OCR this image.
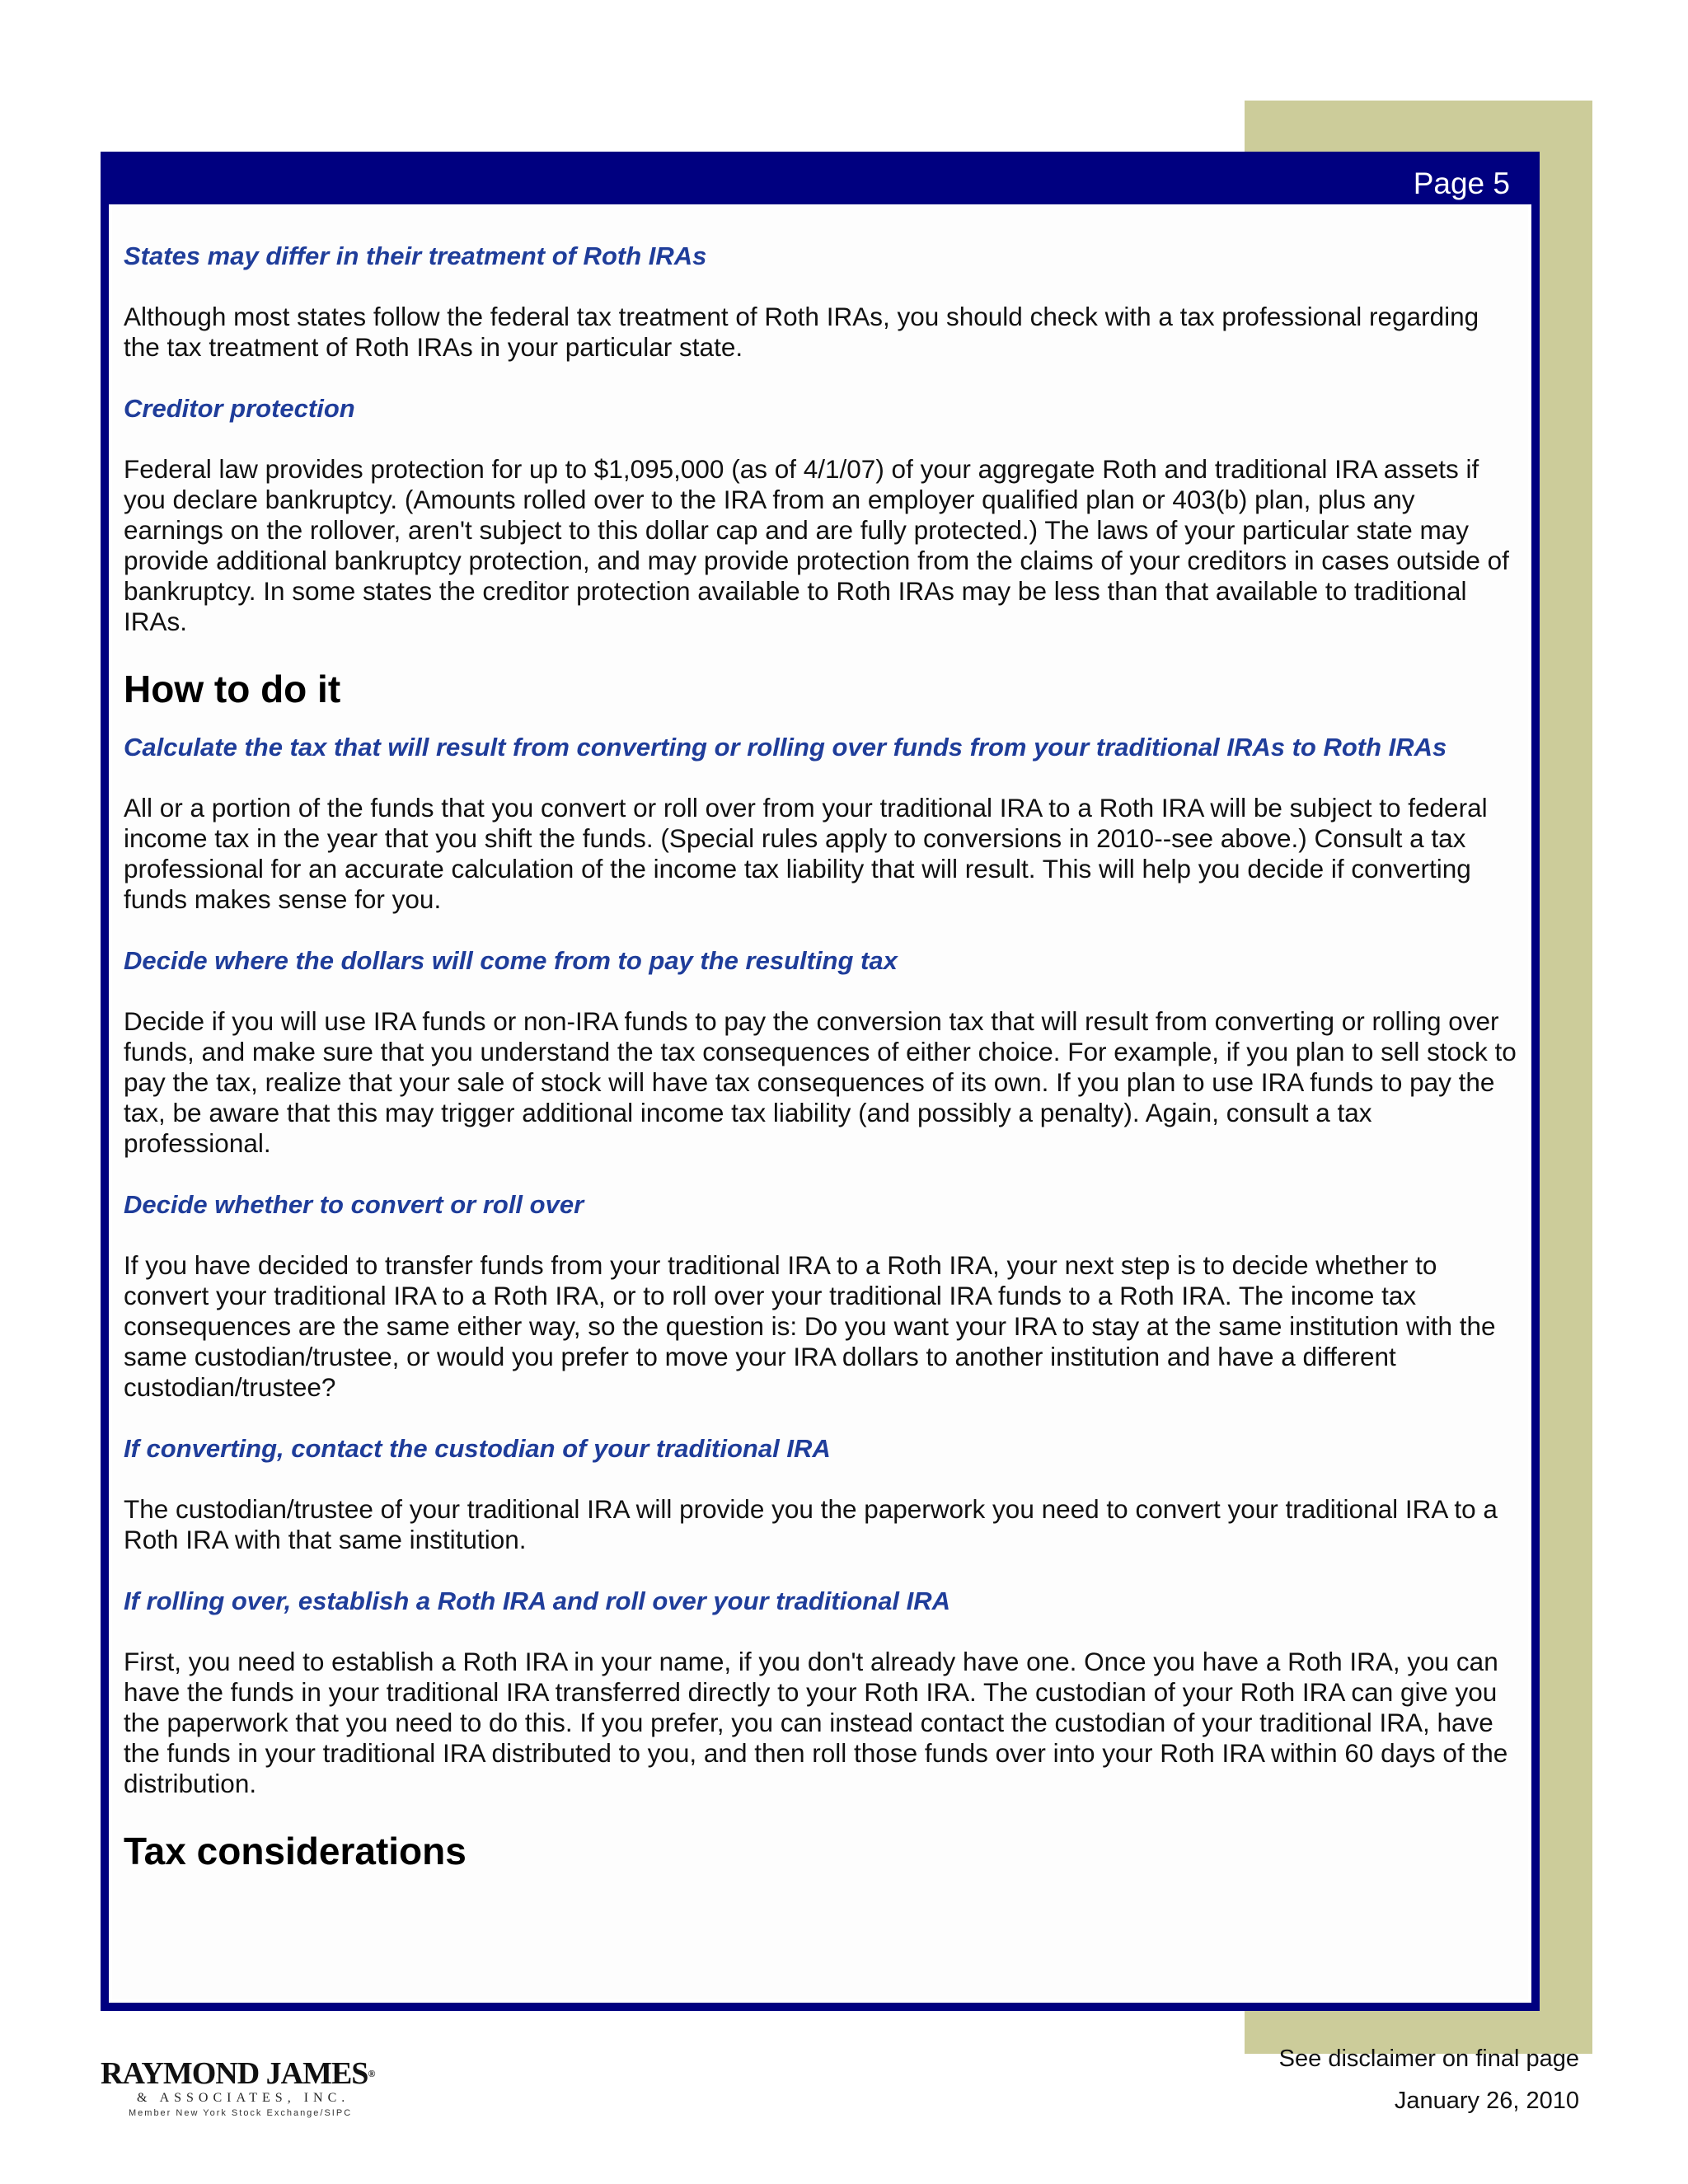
Page 5

States may differ in their treatment of Roth IRAs

Although most states follow the federal tax treatment of Roth IRAs, you should check with a tax professional regarding the tax treatment of Roth IRAs in your particular state.

Creditor protection

Federal law provides protection for up to $1,095,000 (as of 4/1/07) of your aggregate Roth and traditional IRA assets if you declare bankruptcy. (Amounts rolled over to the IRA from an employer qualified plan or 403(b) plan, plus any earnings on the rollover, aren't subject to this dollar cap and are fully protected.) The laws of your particular state may provide additional bankruptcy protection, and may provide protection from the claims of your creditors in cases outside of bankruptcy. In some states the creditor protection available to Roth IRAs may be less than that available to traditional IRAs.

How to do it

Calculate the tax that will result from converting or rolling over funds from your traditional IRAs to Roth IRAs

All or a portion of the funds that you convert or roll over from your traditional IRA to a Roth IRA will be subject to federal income tax in the year that you shift the funds. (Special rules apply to conversions in 2010--see above.) Consult a tax professional for an accurate calculation of the income tax liability that will result. This will help you decide if converting funds makes sense for you.

Decide where the dollars will come from to pay the resulting tax

Decide if you will use IRA funds or non-IRA funds to pay the conversion tax that will result from converting or rolling over funds, and make sure that you understand the tax consequences of either choice. For example, if you plan to sell stock to pay the tax, realize that your sale of stock will have tax consequences of its own. If you plan to use IRA funds to pay the tax, be aware that this may trigger additional income tax liability (and possibly a penalty). Again, consult a tax professional.

Decide whether to convert or roll over

If you have decided to transfer funds from your traditional IRA to a Roth IRA, your next step is to decide whether to convert your traditional IRA to a Roth IRA, or to roll over your traditional IRA funds to a Roth IRA. The income tax consequences are the same either way, so the question is: Do you want your IRA to stay at the same institution with the same custodian/trustee, or would you prefer to move your IRA dollars to another institution and have a different custodian/trustee?

If converting, contact the custodian of your traditional IRA

The custodian/trustee of your traditional IRA will provide you the paperwork you need to convert your traditional IRA to a Roth IRA with that same institution.

If rolling over, establish a Roth IRA and roll over your traditional IRA

First, you need to establish a Roth IRA in your name, if you don't already have one. Once you have a Roth IRA, you can have the funds in your traditional IRA transferred directly to your Roth IRA. The custodian of your Roth IRA can give you the paperwork that you need to do this. If you prefer, you can instead contact the custodian of your traditional IRA, have the funds in your traditional IRA distributed to you, and then roll those funds over into your Roth IRA within 60 days of the distribution.

Tax considerations
RAYMOND JAMES®
& ASSOCIATES, INC.
Member New York Stock Exchange/SIPC
See disclaimer on final page
January 26, 2010
